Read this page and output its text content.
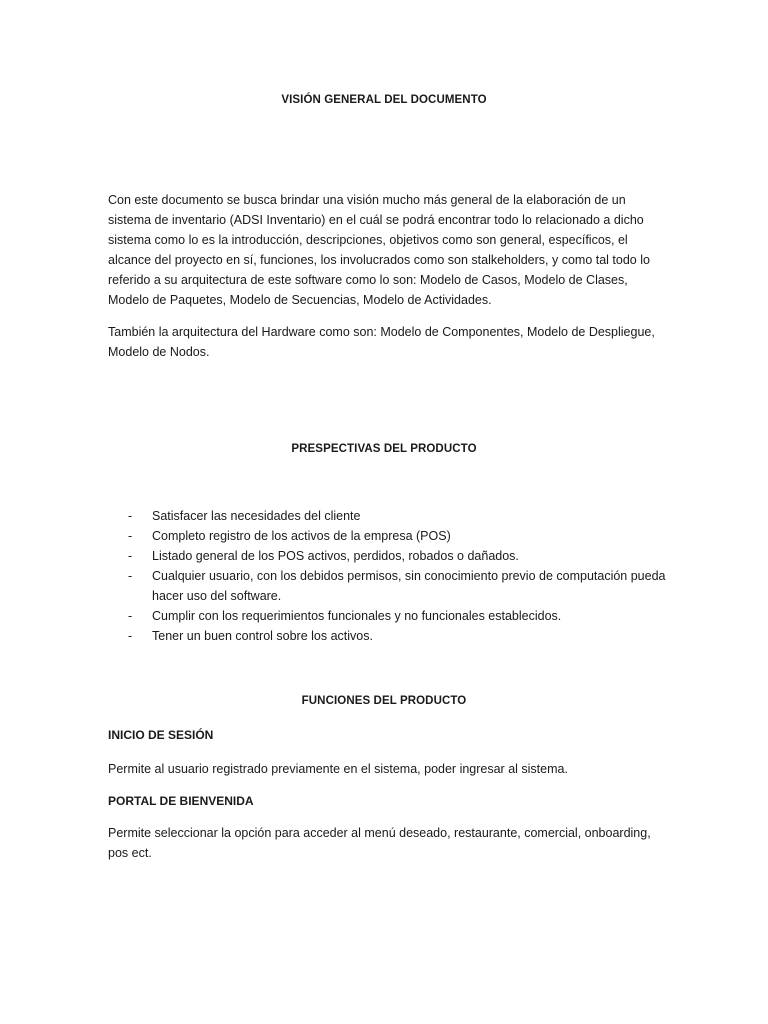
VISIÓN GENERAL DEL DOCUMENTO

Con este documento se busca brindar una visión mucho más general de la elaboración de un sistema de inventario (ADSI Inventario) en el cuál se podrá encontrar todo lo relacionado a dicho sistema como lo es la introducción, descripciones, objetivos como son general, específicos, el alcance del proyecto en sí, funciones, los involucrados como son stalkeholders, y como tal todo lo referido a su arquitectura de este software como lo son: Modelo de Casos, Modelo de Clases, Modelo de Paquetes, Modelo de Secuencias, Modelo de Actividades.

También la arquitectura del Hardware como son: Modelo de Componentes, Modelo de Despliegue, Modelo de Nodos.

PRESPECTIVAS DEL PRODUCTO
- Satisfacer las necesidades del cliente
- Completo registro de los activos de la empresa (POS)
- Listado general de los POS activos, perdidos, robados o dañados.
- Cualquier usuario, con los debidos permisos, sin conocimiento previo de computación pueda hacer uso del software.
- Cumplir con los requerimientos funcionales y no funcionales establecidos.
- Tener un buen control sobre los activos.
FUNCIONES DEL PRODUCTO
INICIO DE SESIÓN

Permite al usuario registrado previamente en el sistema, poder ingresar al sistema.

PORTAL DE BIENVENIDA

Permite seleccionar la opción para acceder al menú deseado, restaurante, comercial, onboarding, pos ect.
